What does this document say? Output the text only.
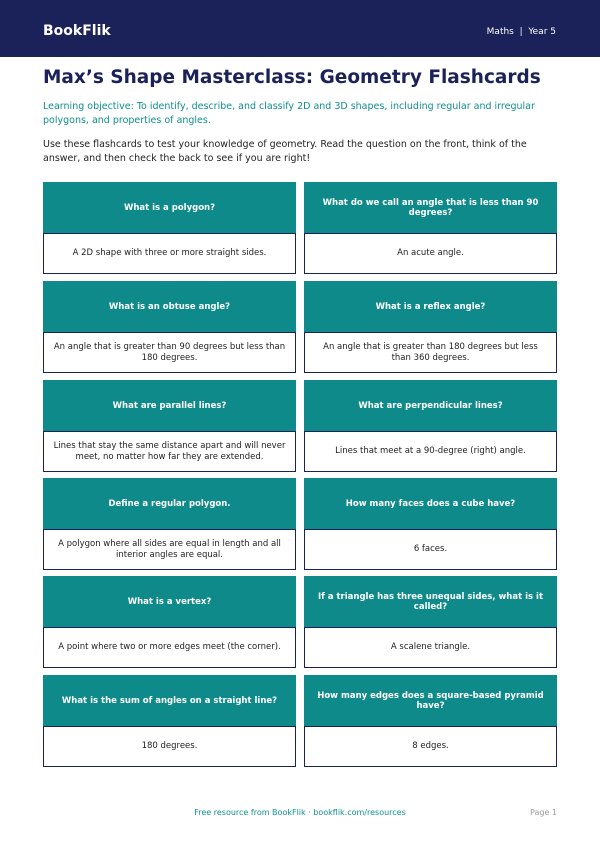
BookFlik	Maths  |  Year 5
Max’s Shape Masterclass: Geometry Flashcards

Learning objective: To identify, describe, and classify 2D and 3D shapes, including regular and irregular polygons, and properties of angles.

Use these flashcards to test your knowledge of geometry. Read the question on the front, think of the answer, and then check the back to see if you are right!

What is a polygon?
A 2D shape with three or more straight sides.
What do we call an angle that is less than 90 degrees?
An acute angle.
What is an obtuse angle?
An angle that is greater than 90 degrees but less than 180 degrees.
What is a reflex angle?
An angle that is greater than 180 degrees but less than 360 degrees.
What are parallel lines?
Lines that stay the same distance apart and will never meet, no matter how far they are extended.
What are perpendicular lines?
Lines that meet at a 90-degree (right) angle.
Define a regular polygon.
A polygon where all sides are equal in length and all interior angles are equal.
How many faces does a cube have?
6 faces.
What is a vertex?
A point where two or more edges meet (the corner).
If a triangle has three unequal sides, what is it called?
A scalene triangle.
What is the sum of angles on a straight line?
180 degrees.
How many edges does a square-based pyramid have?
8 edges.
Free resource from BookFlik · bookflik.com/resources	Page 1
